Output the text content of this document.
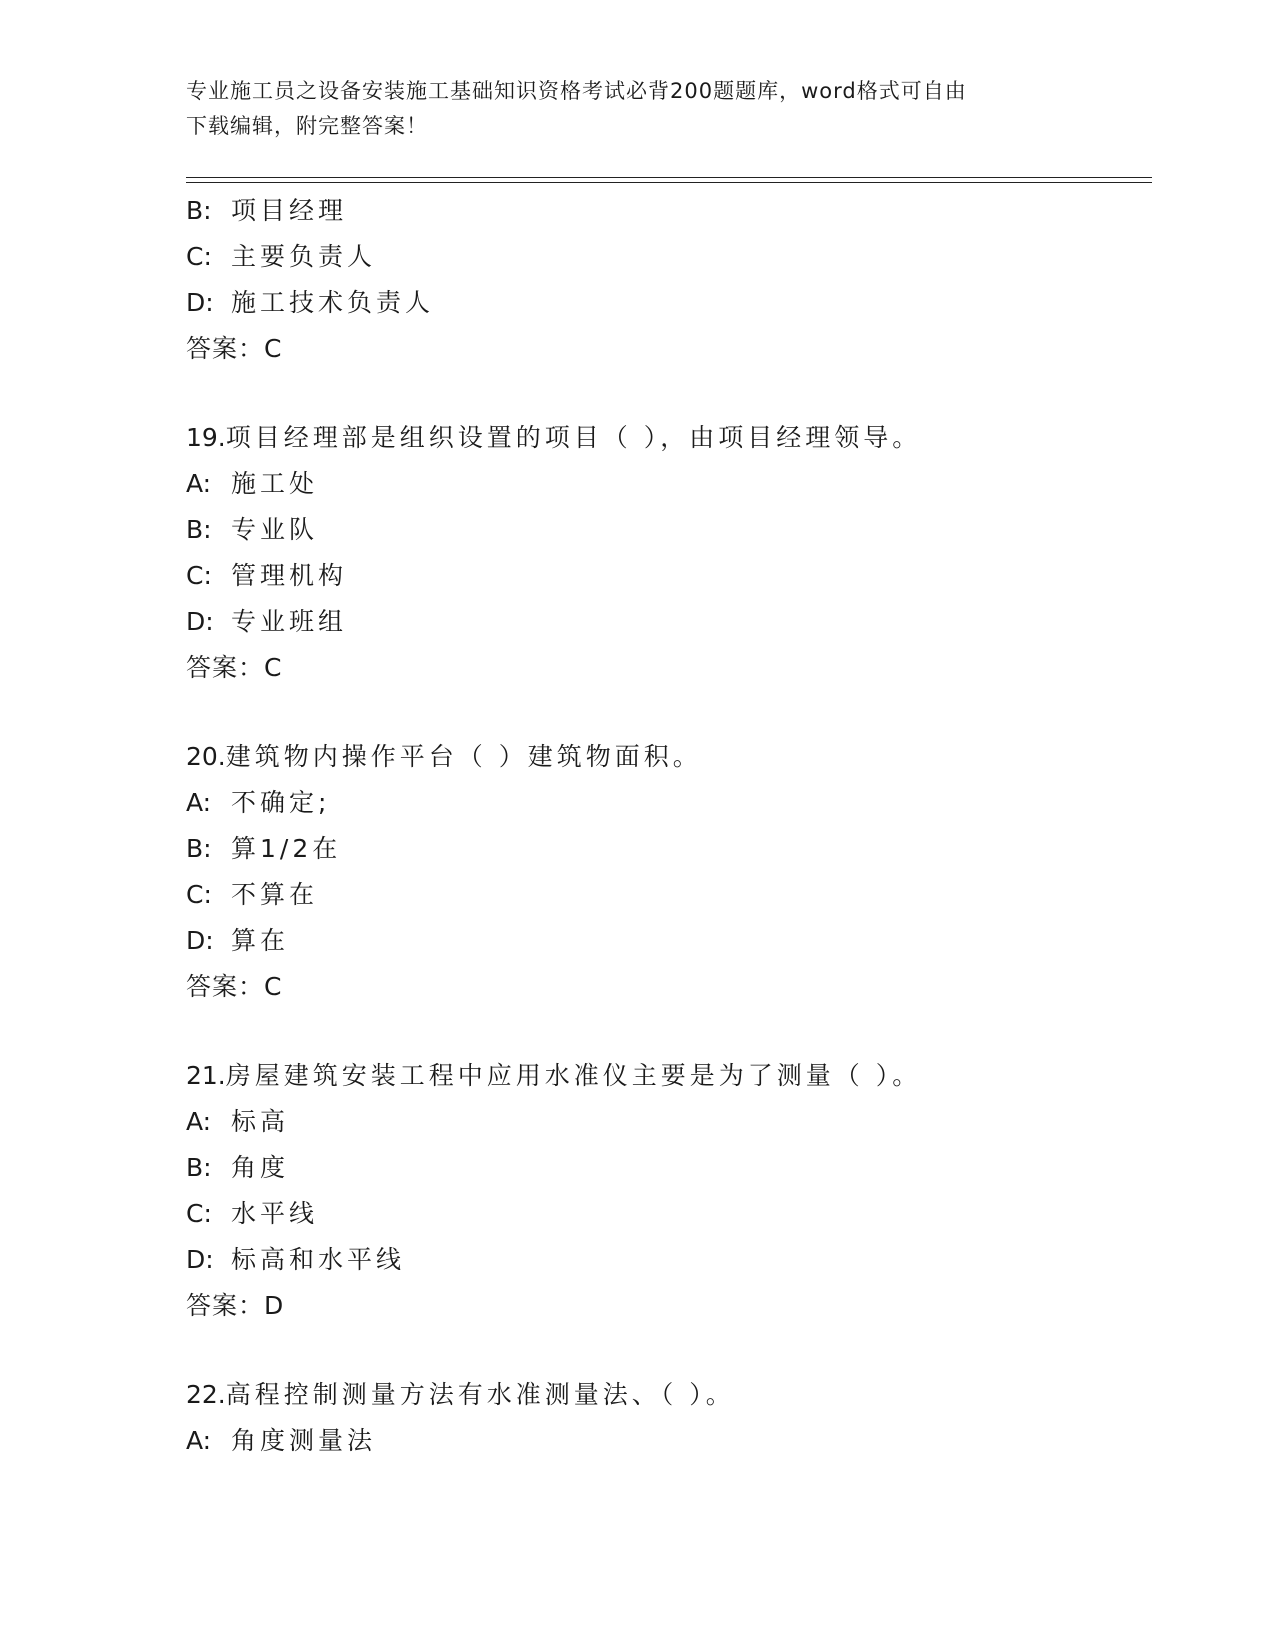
专业施工员之设备安装施工基础知识资格考试必背200题题库，word格式可自由
下载编辑，附完整答案！
B: 项目经理
C: 主要负责人
D: 施工技术负责人
答案：C
19.项目经理部是组织设置的项目（ ），由项目经理领导。
A: 施工处
B: 专业队
C: 管理机构
D: 专业班组
答案：C
20.建筑物内操作平台（ ）建筑物面积。
A: 不确定;
B: 算1/2在
C: 不算在
D: 算在
答案：C
21.房屋建筑安装工程中应用水准仪主要是为了测量（ ）。
A: 标高
B: 角度
C: 水平线
D: 标高和水平线
答案：D
22.高程控制测量方法有水准测量法、（ ）。
A: 角度测量法
